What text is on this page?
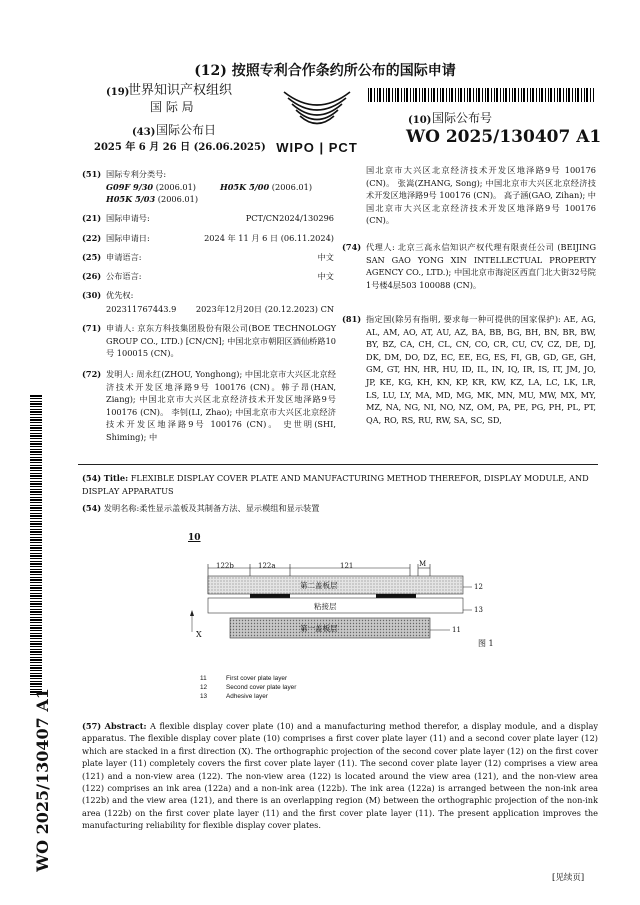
(12) 按照专利合作条约所公布的国际申请
(19)
世界知识产权组织
国 际 局
(43) 国际公布日
2025 年 6 月 26 日 (26.06.2025) WIPO | PCT
(10) 国际公布号
WO 2025/130407 A1
(51) 国际专利分类号:
G09F 9/30 (2006.01)	H05K 5/00 (2006.01)
H05K 5/03 (2006.01)
(21) 国际申请号:	PCT/CN2024/130296
(22) 国际申请日:	2024 年 11 月 6 日 (06.11.2024)
(25) 申请语言:	中文
(26) 公布语言:	中文
(30) 优先权:
202311767443.9 2023年12月20日 (20.12.2023) CN
(71) 申请人: 京东方科技集团股份有限公司(BOE TECHNOLOGY GROUP CO., LTD.) [CN/CN]; 中国北京市朝阳区酒仙桥路10号 100015 (CN)。
(72) 发明人: 周永红(ZHOU, Yonghong); 中国北京市大兴区北京经济技术开发区地泽路9号 100176 (CN)。韩子昂(HAN, Ziang); 中国北京市大兴区北京经济技术开发区地泽路9号 100176 (CN)。 李钊(LI, Zhao); 中国北京市大兴区北京经济技术开发区地泽路9号 100176 (CN)。 史世明(SHI, Shiming); 中
国北京市大兴区北京经济技术开发区地泽路9号 100176 (CN)。 张嵩(ZHANG, Song); 中国北京市大兴区北京经济技术开发区地泽路9号 100176 (CN)。 高子涵(GAO, Zihan); 中国北京市大兴区北京经济技术开发区地泽路9号 100176 (CN)。
(74) 代理人: 北京三高永信知识产权代理有限责任公司 (BEIJING SAN GAO YONG XIN INTELLECTUAL PROPERTY AGENCY CO., LTD.); 中国北京市海淀区西直门北大街32号院1号楼4层503 100088 (CN)。
(81) 指定国(除另有指明, 要求每一种可提供的国家保护): AE, AG, AL, AM, AO, AT, AU, AZ, BA, BB, BG, BH, BN, BR, BW, BY, BZ, CA, CH, CL, CN, CO, CR, CU, CV, CZ, DE, DJ, DK, DM, DO, DZ, EC, EE, EG, ES, FI, GB, GD, GE, GH, GM, GT, HN, HR, HU, ID, IL, IN, IQ, IR, IS, IT, JM, JO, JP, KE, KG, KH, KN, KP, KR, KW, KZ, LA, LC, LK, LR, LS, LU, LY, MA, MD, MG, MK, MN, MU, MW, MX, MY, MZ, NA, NG, NI, NO, NZ, OM, PA, PE, PG, PH, PL, PT, QA, RO, RS, RU, RW, SA, SC, SD,
(54) Title: FLEXIBLE DISPLAY COVER PLATE AND MANUFACTURING METHOD THEREFOR, DISPLAY MODULE, AND DISPLAY APPARATUS
(54) 发明名称:柔性显示盖板及其制备方法、显示模组和显示装置
10
122b	122a	121	M
第二盖板层
粘接层
第一盖板层
12
13
11
X
图 1
11	First cover plate layer
12	Second cover plate layer
13	Adhesive layer
(57) Abstract: A flexible display cover plate (10) and a manufacturing method therefor, a display module, and a display apparatus. The flexible display cover plate (10) comprises a first cover plate layer (11) and a second cover plate layer (12) which are stacked in a first direction (X). The orthographic projection of the second cover plate layer (12) on the first cover plate layer (11) completely covers the first cover plate layer (11). The second cover plate layer (12) comprises a view area (121) and a non-view area (122). The non-view area (122) is located around the view area (121), and the non-view area (122) comprises an ink area (122a) and a non-ink area (122b). The ink area (122a) is arranged between the non-ink area (122b) and the view area (121), and there is an overlapping region (M) between the orthographic projection of the non-ink area (122b) on the first cover plate layer (11) and the first cover plate layer (11). The present application improves the manufacturing reliability for flexible display cover plates.
WO 2025/130407 A1
[见续页]
